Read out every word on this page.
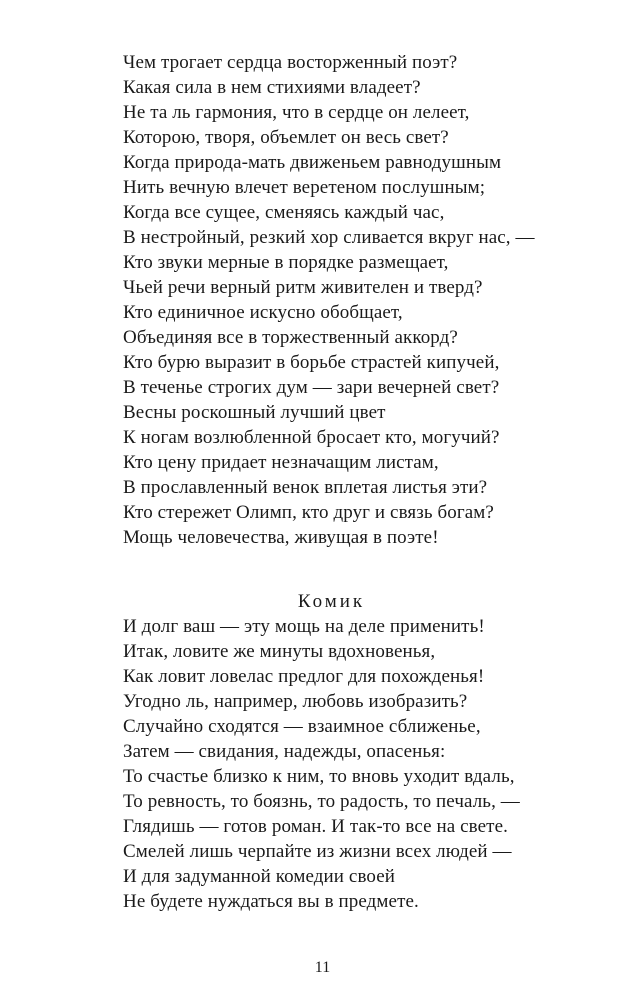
Чем трогает сердца восторженный поэт?
Какая сила в нем стихиями владеет?
Не та ль гармония, что в сердце он лелеет,
Которою, творя, объемлет он весь свет?
Когда природа-мать движеньем равнодушным
Нить вечную влечет веретеном послушным;
Когда все сущее, сменяясь каждый час,
В нестройный, резкий хор сливается вкруг нас, —
Кто звуки мерные в порядке размещает,
Чьей речи верный ритм живителен и тверд?
Кто единичное искусно обобщает,
Объединяя все в торжественный аккорд?
Кто бурю выразит в борьбе страстей кипучей,
В теченье строгих дум — зари вечерней свет?
Весны роскошный лучший цвет
К ногам возлюбленной бросает кто, могучий?
Кто цену придает незначащим листам,
В прославленный венок вплетая листья эти?
Кто стережет Олимп, кто друг и связь богам?
Мощь человечества, живущая в поэте!
Комик
И долг ваш — эту мощь на деле применить!
Итак, ловите же минуты вдохновенья,
Как ловит ловелас предлог для похожденья!
Угодно ль, например, любовь изобразить?
Случайно сходятся — взаимное сближенье,
Затем — свидания, надежды, опасенья:
То счастье близко к ним, то вновь уходит вдаль,
То ревность, то боязнь, то радость, то печаль, —
Глядишь — готов роман. И так-то все на свете.
Смелей лишь черпайте из жизни всех людей —
И для задуманной комедии своей
Не будете нуждаться вы в предмете.
11
